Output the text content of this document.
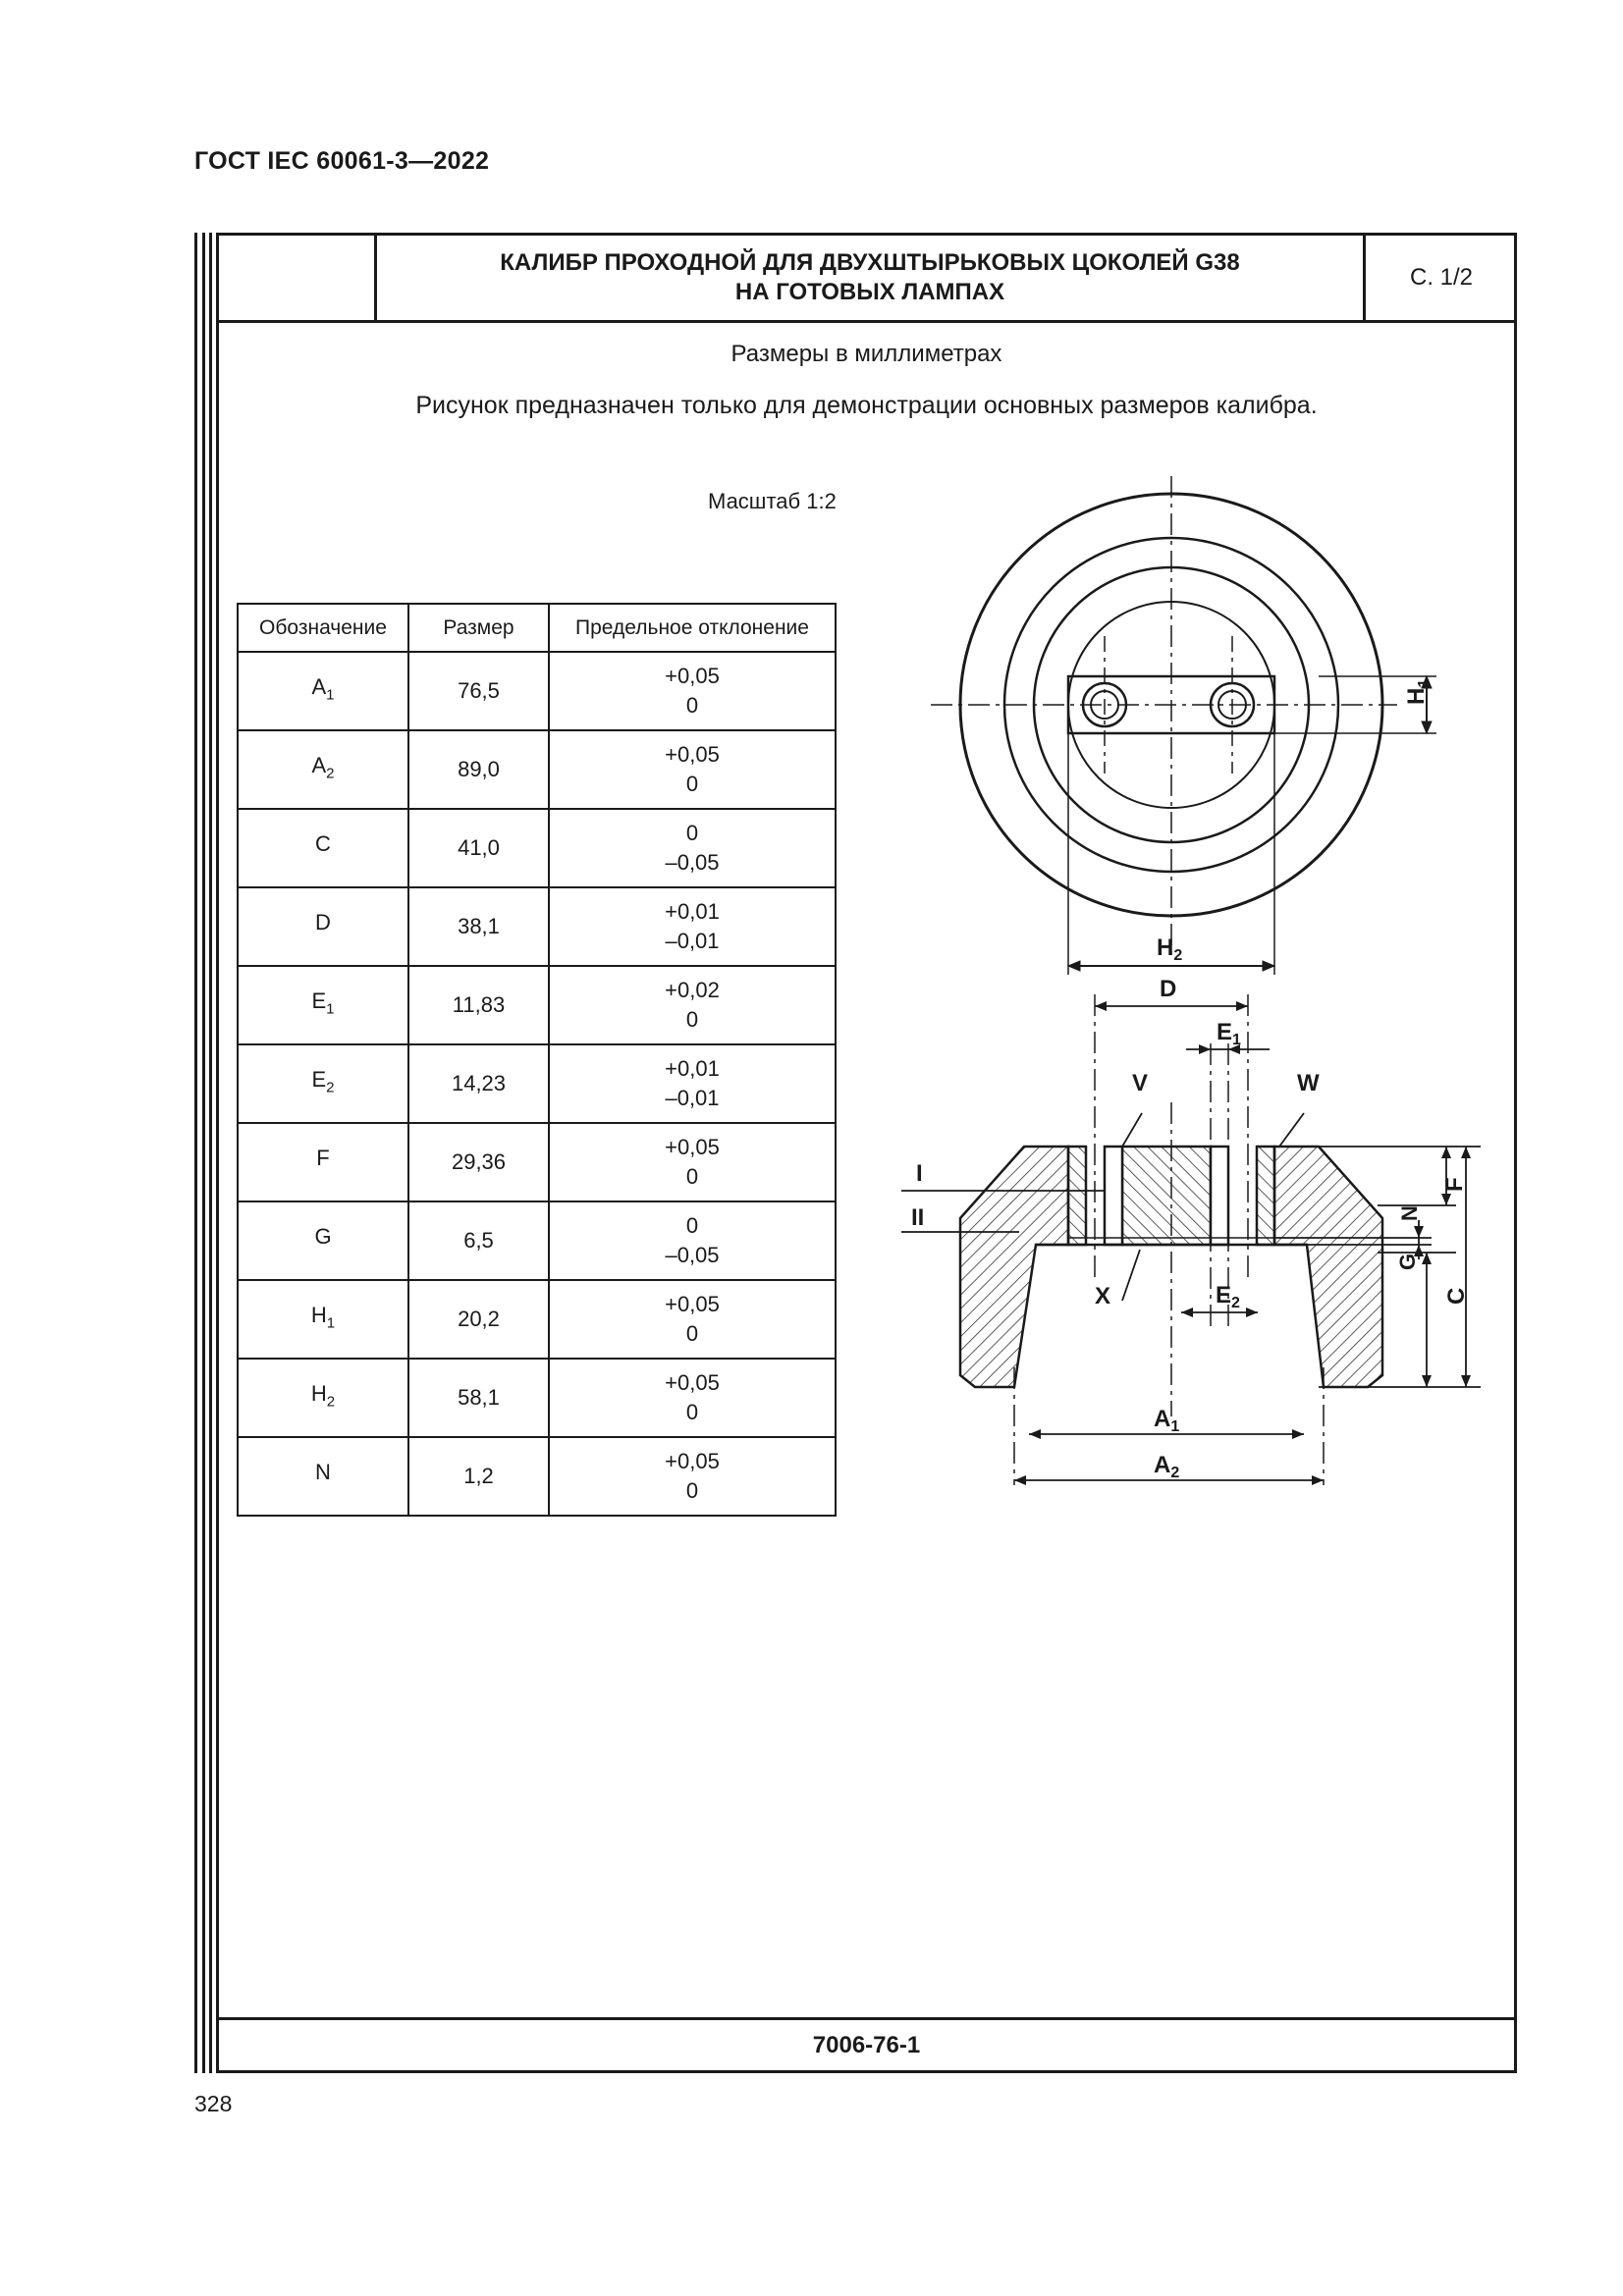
ГОСТ IEC 60061-3—2022
КАЛИБР ПРОХОДНОЙ ДЛЯ ДВУХШТЫРЬКОВЫХ ЦОКОЛЕЙ G38
НА ГОТОВЫХ ЛАМПАХ
С. 1/2
Размеры в миллиметрах
Рисунок предназначен только для демонстрации основных размеров калибра.
Масштаб 1:2
Обозначение	Размер	Предельное отклонение
$A_1$	76,5	+0,05
0

$A_2$	89,0	+0,05
0

C	41,0	0
–0,05

D	38,1	+0,01
–0,01

$E_1$	11,83	+0,02
0

$E_2$	14,23	+0,01
–0,01

F	29,36	+0,05
0

G	6,5	0
–0,05

$H_1$	20,2	+0,05
0

$H_2$	58,1	+0,05
0

N	1,2	+0,05
0
$H_2$
$H_1$
D
$E_1$
V	W
I
II
X	$E_2$
F
N
G
C
$A_1$
$A_2$
7006-76-1
328
